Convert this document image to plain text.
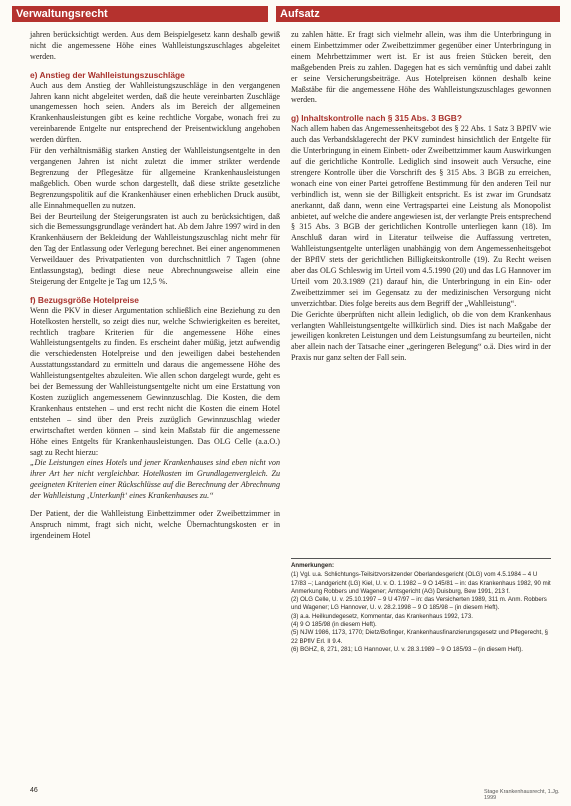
Verwaltungsrecht	Aufsatz

jahren berücksichtigt werden. Aus dem Beispielgesetz kann deshalb gewiß nicht die angemessene Höhe eines Wahlleistungszuschlages abgeleitet werden.

e) Anstieg der Wahlleistungszuschläge

Auch aus dem Anstieg der Wahlleistungszuschläge in den vergangenen Jahren kann nicht abgeleitet werden, daß die heute vereinbarten Zuschläge unangemessen hoch seien. Anders als im Bereich der allgemeinen Krankenhausleistungen gibt es keine rechtliche Vorgabe, wonach frei zu vereinbarende Entgelte nur entsprechend der Preisentwicklung angehoben werden dürften.

Für den verhältnismäßig starken Anstieg der Wahlleistungsentgelte in den vergangenen Jahren ist nicht zuletzt die immer strikter werdende Begrenzung der Pflegesätze für allgemeine Krankenhausleistungen maßgeblich. Oben wurde schon dargestellt, daß diese strikte gesetzliche Begrenzungspolitik auf die Krankenhäuser einen erheblichen Druck ausübt, alle Einnahmequellen zu nutzen.

Bei der Beurteilung der Steigerungsraten ist auch zu berücksichtigen, daß sich die Bemessungsgrundlage verändert hat. Ab dem Jahre 1997 wird in den Krankenhäusern der Bekleidung der Wahlleistungszuschlag nicht mehr für den Tag der Entlassung oder Verlegung berechnet. Bei einer angenommenen Verweildauer des Privatpatienten von durchschnittlich 7 Tagen (ohne Entlassungstag), bedingt diese neue Abrechnungsweise allein eine Steigerung der Entgelte je Tag um 12,5 %.

f) Bezugsgröße Hotelpreise

Wenn die PKV in dieser Argumentation schließlich eine Beziehung zu den Hotelkosten herstellt, so zeigt dies nur, welche Schwierigkeiten es bereitet, rechtlich tragbare Kriterien für die angemessene Höhe eines Wahlleistungsentgelts zu finden. Es erscheint daher müßig, jetzt aufwendig die verschiedensten Hotelpreise und den jeweiligen dabei bestehenden Ausstattungsstandard zu ermitteln und daraus die angemessene Höhe des Wahlleistungsentgeltes abzuleiten. Wie allen schon dargelegt wurde, geht es bei der Bemessung der Wahlleistungsentgelte nicht um eine Erstattung von Kosten zuzüglich angemessenem Gewinnzuschlag. Die Kosten, die dem Krankenhaus entstehen – und erst recht nicht die Kosten die einem Hotel entstehen – sind über den Preis zuzüglich Gewinnzuschlag wieder erwirtschaftet werden können – sind kein Maßstab für die angemessene Höhe eines Entgelts für Krankenhausleistungen. Das OLG Celle (a.a.O.) sagt zu Recht hierzu:

„Die Leistungen eines Hotels und jener Krankenhauses sind eben nicht von ihrer Art her nicht vergleichbar. Hotelkosten im Grundlagenvergleich. Zu geeigneten Kriterien einer Rückschlüsse auf die Berechnung der Abrechnung der Wahlleistung ‚Unterkunft‘ eines Krankenhauses zu.“

Der Patient, der die Wahlleistung Einbettzimmer oder Zweibettzimmer in Anspruch nimmt, fragt sich nicht, welche Übernachtungskosten er in irgendeinem Hotel

zu zahlen hätte. Er fragt sich vielmehr allein, was ihm die Unterbringung in einem Einbettzimmer oder Zweibettzimmer gegenüber einer Unterbringung in einem Mehrbettzimmer wert ist. Er ist aus freien Stücken bereit, den maßgebenden Preis zu zahlen. Dagegen hat es sich vernünftig und dabei zahlt er seine Versicherungsbeiträge. Aus Hotelpreisen können deshalb keine Maßstäbe für die angemessene Höhe des Wahlleistungszuschlages gewonnen werden.

g) Inhaltskontrolle nach § 315 Abs. 3 BGB?

Nach allem haben das Angemessenheitsgebot des § 22 Abs. 1 Satz 3 BPflV wie auch das Verbandsklagerecht der PKV zumindest hinsichtlich der Entgelte für die Unterbringung in einem Einbett- oder Zweibettzimmer kaum Auswirkungen auf die gerichtliche Kontrolle. Lediglich sind insoweit auch Versuche, eine strengere Kontrolle über die Vorschrift des § 315 Abs. 3 BGB zu erreichen, wonach eine von einer Partei getroffene Bestimmung für den anderen Teil nur verbindlich ist, wenn sie der Billigkeit entspricht. Es ist zwar im Grundsatz anerkannt, daß dann, wenn eine Vertragspartei eine Leistung als Monopolist anbietet, auf welche die andere angewiesen ist, der verlangte Preis entsprechend § 315 Abs. 3 BGB der gerichtlichen Kontrolle unterliegen kann (18). Im Anschluß daran wird in Literatur teilweise die Auffassung vertreten, Wahlleistungsentgelte unterlägen unabhängig von dem Angemessenheitsgebot der BPflV stets der gerichtlichen Billigkeitskontrolle (19). Zu Recht weisen aber das OLG Schleswig im Urteil vom 4.5.1990 (20) und das LG Hannover im Urteil vom 20.3.1989 (21) darauf hin, die Unterbringung in ein Ein- oder Zweibettzimmer sei im Gegensatz zu der medizinischen Versorgung nicht unverzichtbar. Dies folge bereits aus dem Begriff der „Wahlleistung“.

Die Gerichte überprüften nicht allein lediglich, ob die von dem Krankenhaus verlangten Wahlleistungsentgelte willkürlich sind. Dies ist nach Maßgabe der jeweiligen konkreten Leistungen und dem Leistungsumfang zu beurteilen, nicht aber allein nach der Tatsache einer „geringeren Belegung“ o.ä. Dies wird in der Praxis nur ganz selten der Fall sein.

Anmerkungen:

(1) Vgl. u.a. Schlichtungs-Teilsitzvorsitzender Oberlandesgericht (OLG) vom 4.5.1984 – 4 U 17/83 –; Landgericht (LG) Kiel, U. v. O. 1.1982 – 9 O 145/81 – in: das Krankenhaus 1982, 90 mit Anmerkung Robbers und Wagener; Amtsgericht (AG) Duisburg, Bew 1991, 213 f.

(2) OLG Celle, U. v. 25.10.1997 – 9 U 47/97 – in: das Versicherten 1989, 311 m. Anm. Robbers und Wagener; LG Hannover, U. v. 28.2.1998 – 9 O 185/98 – (in diesem Heft).

(3) a.a. Heilkundegesetz, Kommentar, das Krankenhaus 1992, 173.

(4) 9 O 185/98 (in diesem Heft).

(5) NJW 1986, 1173, 1770; Dietz/Bofinger, Krankenhausfinanzierungsgesetz und Pflegerecht, § 22 BPflV Erl. II 9.4.

(6) BGHZ, 8, 271, 281; LG Hannover, U. v. 28.3.1989 – 9 O 185/93 – (in diesem Heft).

46	Stage Krankenhausrecht, 1.Jg. 1999
